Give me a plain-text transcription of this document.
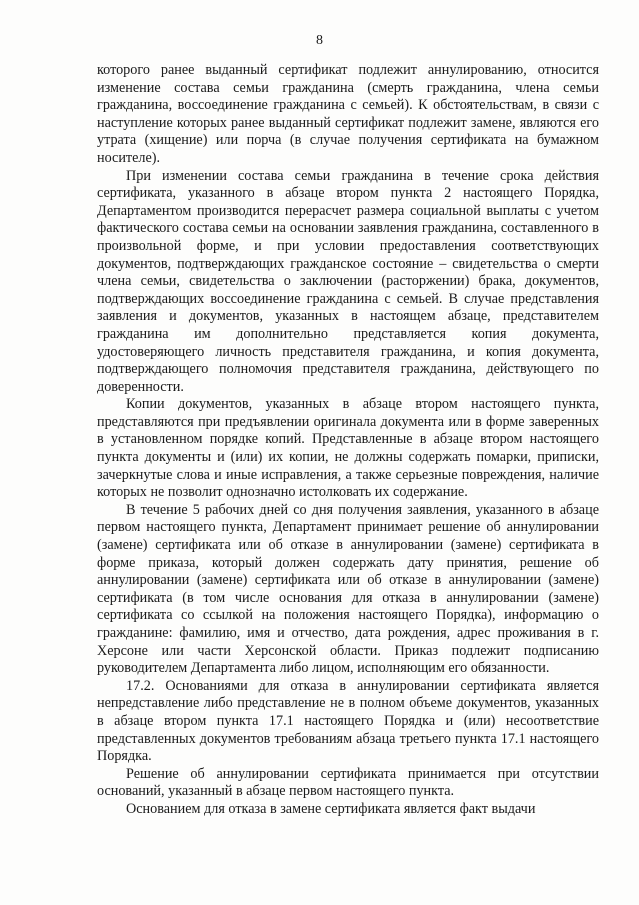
8

которого ранее выданный сертификат подлежит аннулированию, относится изменение состава семьи гражданина (смерть гражданина, члена семьи гражданина, воссоединение гражданина с семьей). К обстоятельствам, в связи с наступление которых ранее выданный сертификат подлежит замене, являются его утрата (хищение) или порча (в случае получения сертификата на бумажном носителе).

При изменении состава семьи гражданина в течение срока действия сертификата, указанного в абзаце втором пункта 2 настоящего Порядка, Департаментом производится перерасчет размера социальной выплаты с учетом фактического состава семьи на основании заявления гражданина, составленного в произвольной форме, и при условии предоставления соответствующих документов, подтверждающих гражданское состояние – свидетельства о смерти члена семьи, свидетельства о заключении (расторжении) брака, документов, подтверждающих воссоединение гражданина с семьей. В случае представления заявления и документов, указанных в настоящем абзаце, представителем гражданина им дополнительно представляется копия документа, удостоверяющего личность представителя гражданина, и копия документа, подтверждающего полномочия представителя гражданина, действующего по доверенности.

Копии документов, указанных в абзаце втором настоящего пункта, представляются при предъявлении оригинала документа или в форме заверенных в установленном порядке копий. Представленные в абзаце втором настоящего пункта документы и (или) их копии, не должны содержать помарки, приписки, зачеркнутые слова и иные исправления, а также серьезные повреждения, наличие которых не позволит однозначно истолковать их содержание.

В течение 5 рабочих дней со дня получения заявления, указанного в абзаце первом настоящего пункта, Департамент принимает решение об аннулировании (замене) сертификата или об отказе в аннулировании (замене) сертификата в форме приказа, который должен содержать дату принятия, решение об аннулировании (замене) сертификата или об отказе в аннулировании (замене) сертификата (в том числе основания для отказа в аннулировании (замене) сертификата со ссылкой на положения настоящего Порядка), информацию о гражданине: фамилию, имя и отчество, дата рождения, адрес проживания в г. Херсоне или части Херсонской области. Приказ подлежит подписанию руководителем Департамента либо лицом, исполняющим его обязанности.

17.2. Основаниями для отказа в аннулировании сертификата является непредставление либо представление не в полном объеме документов, указанных в абзаце втором пункта 17.1 настоящего Порядка и (или) несоответствие представленных документов требованиям абзаца третьего пункта 17.1 настоящего Порядка.

Решение об аннулировании сертификата принимается при отсутствии оснований, указанный в абзаце первом настоящего пункта.

Основанием для отказа в замене сертификата является факт выдачи
